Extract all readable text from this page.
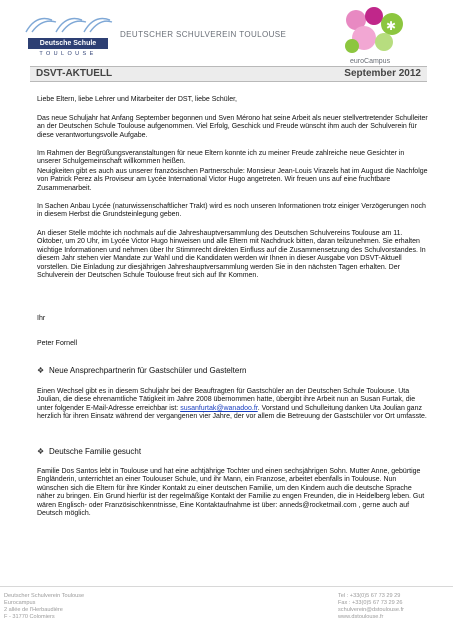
Deutsche Schule
TOULOUSE
DEUTSCHER SCHULVEREIN TOULOUSE
✱
euroCampus
DSVT-AKTUELL	September 2012

Liebe Eltern, liebe Lehrer und Mitarbeiter der DST, liebe Schüler,

Das neue Schuljahr hat Anfang September begonnen und Sven Mérono hat seine Arbeit als neuer stellvertretender Schulleiter an der Deutschen Schule Toulouse aufgenommen. Viel Erfolg, Geschick und Freude wünscht ihm auch der Schulverein für diese verantwortungsvolle Aufgabe.

Im Rahmen der Begrüßungsveranstaltungen für neue Eltern konnte ich zu meiner Freude zahlreiche neue Gesichter in unserer Schulgemeinschaft willkommen heißen.

Neuigkeiten gibt es auch aus unserer französischen Partnerschule: Monsieur Jean-Louis Virazels hat im August die Nachfolge von Patrick Perez als Proviseur am Lycée International Victor Hugo angetreten. Wir freuen uns auf eine fruchtbare Zusammenarbeit.

In Sachen Anbau Lycée (naturwissenschaftlicher Trakt) wird es noch unseren Informationen trotz einiger Verzögerungen noch in diesem Herbst die Grundsteinlegung geben.

An dieser Stelle möchte ich nochmals auf die Jahreshauptversammlung des Deutschen Schulvereins Toulouse am 11. Oktober, um 20 Uhr, im Lycée Victor Hugo hinweisen und alle Eltern mit Nachdruck bitten, daran teilzunehmen. Sie erhalten wichtige Informationen und nehmen über Ihr Stimmrecht direkten Einfluss auf die Zusammensetzung des Schulvorstandes. In diesem Jahr stehen vier Mandate zur Wahl und die Kandidaten werden wir Ihnen in dieser Ausgabe von DSVT-Aktuell vorstellen. Die Einladung zur diesjährigen Jahreshauptversammlung werden Sie in den nächsten Tagen erhalten. Der Schulverein der Deutschen Schule Toulouse freut sich auf Ihr Kommen.

Ihr

Peter Fornell

❖ Neue Ansprechpartnerin für Gastschüler und Gasteltern

Einen Wechsel gibt es in diesem Schuljahr bei der Beauftragten für Gastschüler an der Deutschen Schule Toulouse. Uta Joulian, die diese ehrenamtliche Tätigkeit im Jahre 2008 übernommen hatte, übergibt ihre Arbeit nun an Susan Furtak, die unter folgender E-Mail-Adresse erreichbar ist: susanfurtak@wanadoo.fr. Vorstand und Schulleitung danken Uta Joulian ganz herzlich für ihren Einsatz während der vergangenen vier Jahre, der vor allem die Betreuung der Gastschüler vor Ort umfasste.

❖ Deutsche Familie gesucht

Familie Dos Santos lebt in Toulouse und hat eine achtjährige Tochter und einen sechsjährigen Sohn. Mutter Anne, gebürtige Engländerin, unterrichtet an einer Toulouser Schule, und ihr Mann, ein Franzose, arbeitet ebenfalls in Toulouse. Nun wünschen sich die Eltern für ihre Kinder Kontakt zu einer deutschen Familie, um den Kindern auch die deutsche Sprache näher zu bringen. Ein Grund hierfür ist der regelmäßige Kontakt der Familie zu engen Freunden, die in Heidelberg leben. Gut wären Englisch- oder Französischkenntnisse, Eine Kontaktaufnahme ist über: anneds@rocketmail.com , gerne auch auf Deutsch möglich.

Deutscher Schulverein Toulouse
Eurocampus
2 allée de l'Herbaudière
F - 31770 Colomiers
Tel : +33(0)5 67 73 29 29
Fax : +33(0)5 67 73 29 26
schulverein@dstoulouse.fr
www.dstoulouse.fr
